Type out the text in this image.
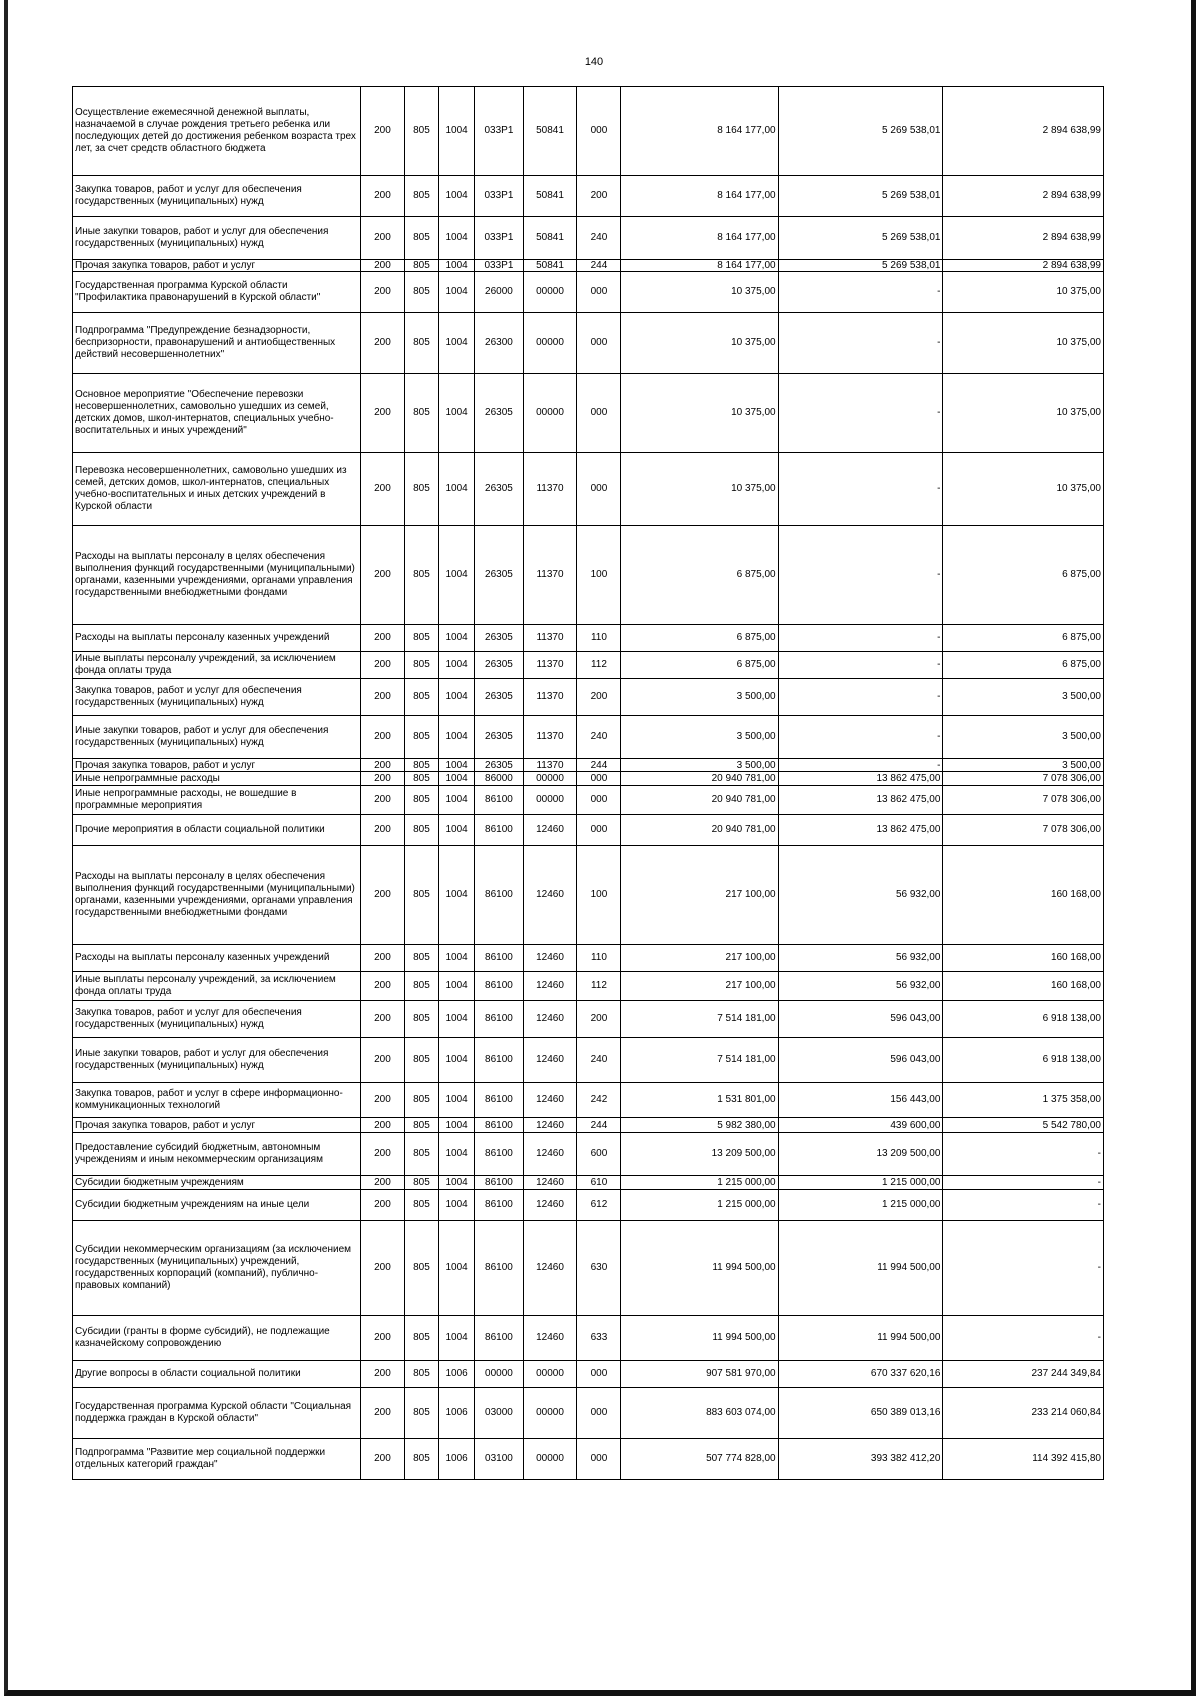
140
Осуществление ежемесячной денежной выплаты, назначаемой в случае рождения третьего ребенка или последующих детей до достижения ребенком возраста трех лет, за счет средств областного бюджета	200	805	1004	033P1	50841	000	8 164 177,00	5 269 538,01	2 894 638,99
Закупка товаров, работ и услуг для обеспечения государственных (муниципальных) нужд	200	805	1004	033P1	50841	200	8 164 177,00	5 269 538,01	2 894 638,99
Иные закупки товаров, работ и услуг для обеспечения государственных (муниципальных) нужд	200	805	1004	033P1	50841	240	8 164 177,00	5 269 538,01	2 894 638,99
Прочая закупка товаров, работ и услуг	200	805	1004	033P1	50841	244	8 164 177,00	5 269 538,01	2 894 638,99
Государственная программа Курской области "Профилактика правонарушений в Курской области"	200	805	1004	26000	00000	000	10 375,00	-	10 375,00
Подпрограмма "Предупреждение безнадзорности, беспризорности, правонарушений и антиобщественных действий несовершеннолетних"	200	805	1004	26300	00000	000	10 375,00	-	10 375,00
Основное мероприятие "Обеспечение перевозки несовершеннолетних, самовольно ушедших из семей, детских домов, школ-интернатов, специальных учебно-воспитательных и иных учреждений"	200	805	1004	26305	00000	000	10 375,00	-	10 375,00
Перевозка несовершеннолетних, самовольно ушедших из семей, детских домов, школ-интернатов, специальных учебно-воспитательных и иных детских учреждений в Курской области	200	805	1004	26305	11370	000	10 375,00	-	10 375,00
Расходы на выплаты персоналу в целях обеспечения выполнения функций государственными (муниципальными) органами, казенными учреждениями, органами управления государственными внебюджетными фондами	200	805	1004	26305	11370	100	6 875,00	-	6 875,00
Расходы на выплаты персоналу казенных учреждений	200	805	1004	26305	11370	110	6 875,00	-	6 875,00
Иные выплаты персоналу учреждений, за исключением фонда оплаты труда	200	805	1004	26305	11370	112	6 875,00	-	6 875,00
Закупка товаров, работ и услуг для обеспечения государственных (муниципальных) нужд	200	805	1004	26305	11370	200	3 500,00	-	3 500,00
Иные закупки товаров, работ и услуг для обеспечения государственных (муниципальных) нужд	200	805	1004	26305	11370	240	3 500,00	-	3 500,00
Прочая закупка товаров, работ и услуг	200	805	1004	26305	11370	244	3 500,00	-	3 500,00
Иные непрограммные расходы	200	805	1004	86000	00000	000	20 940 781,00	13 862 475,00	7 078 306,00
Иные непрограммные расходы, не вошедшие в программные мероприятия	200	805	1004	86100	00000	000	20 940 781,00	13 862 475,00	7 078 306,00
Прочие мероприятия в области социальной политики	200	805	1004	86100	12460	000	20 940 781,00	13 862 475,00	7 078 306,00
Расходы на выплаты персоналу в целях обеспечения выполнения функций государственными (муниципальными) органами, казенными учреждениями, органами управления государственными внебюджетными фондами	200	805	1004	86100	12460	100	217 100,00	56 932,00	160 168,00
Расходы на выплаты персоналу казенных учреждений	200	805	1004	86100	12460	110	217 100,00	56 932,00	160 168,00
Иные выплаты персоналу учреждений, за исключением фонда оплаты труда	200	805	1004	86100	12460	112	217 100,00	56 932,00	160 168,00
Закупка товаров, работ и услуг для обеспечения государственных (муниципальных) нужд	200	805	1004	86100	12460	200	7 514 181,00	596 043,00	6 918 138,00
Иные закупки товаров, работ и услуг для обеспечения государственных (муниципальных) нужд	200	805	1004	86100	12460	240	7 514 181,00	596 043,00	6 918 138,00
Закупка товаров, работ и услуг в сфере информационно-коммуникационных технологий	200	805	1004	86100	12460	242	1 531 801,00	156 443,00	1 375 358,00
Прочая закупка товаров, работ и услуг	200	805	1004	86100	12460	244	5 982 380,00	439 600,00	5 542 780,00
Предоставление субсидий бюджетным, автономным учреждениям и иным некоммерческим организациям	200	805	1004	86100	12460	600	13 209 500,00	13 209 500,00	-
Субсидии бюджетным учреждениям	200	805	1004	86100	12460	610	1 215 000,00	1 215 000,00	-
Субсидии бюджетным учреждениям на иные цели	200	805	1004	86100	12460	612	1 215 000,00	1 215 000,00	-
Субсидии некоммерческим организациям (за исключением государственных (муниципальных) учреждений, государственных корпораций (компаний), публично-правовых компаний)	200	805	1004	86100	12460	630	11 994 500,00	11 994 500,00	-
Субсидии (гранты в форме субсидий), не подлежащие казначейскому сопровождению	200	805	1004	86100	12460	633	11 994 500,00	11 994 500,00	-
Другие вопросы в области социальной политики	200	805	1006	00000	00000	000	907 581 970,00	670 337 620,16	237 244 349,84
Государственная программа Курской области "Социальная поддержка граждан в Курской области"	200	805	1006	03000	00000	000	883 603 074,00	650 389 013,16	233 214 060,84
Подпрограмма "Развитие мер социальной поддержки отдельных категорий граждан"	200	805	1006	03100	00000	000	507 774 828,00	393 382 412,20	114 392 415,80
